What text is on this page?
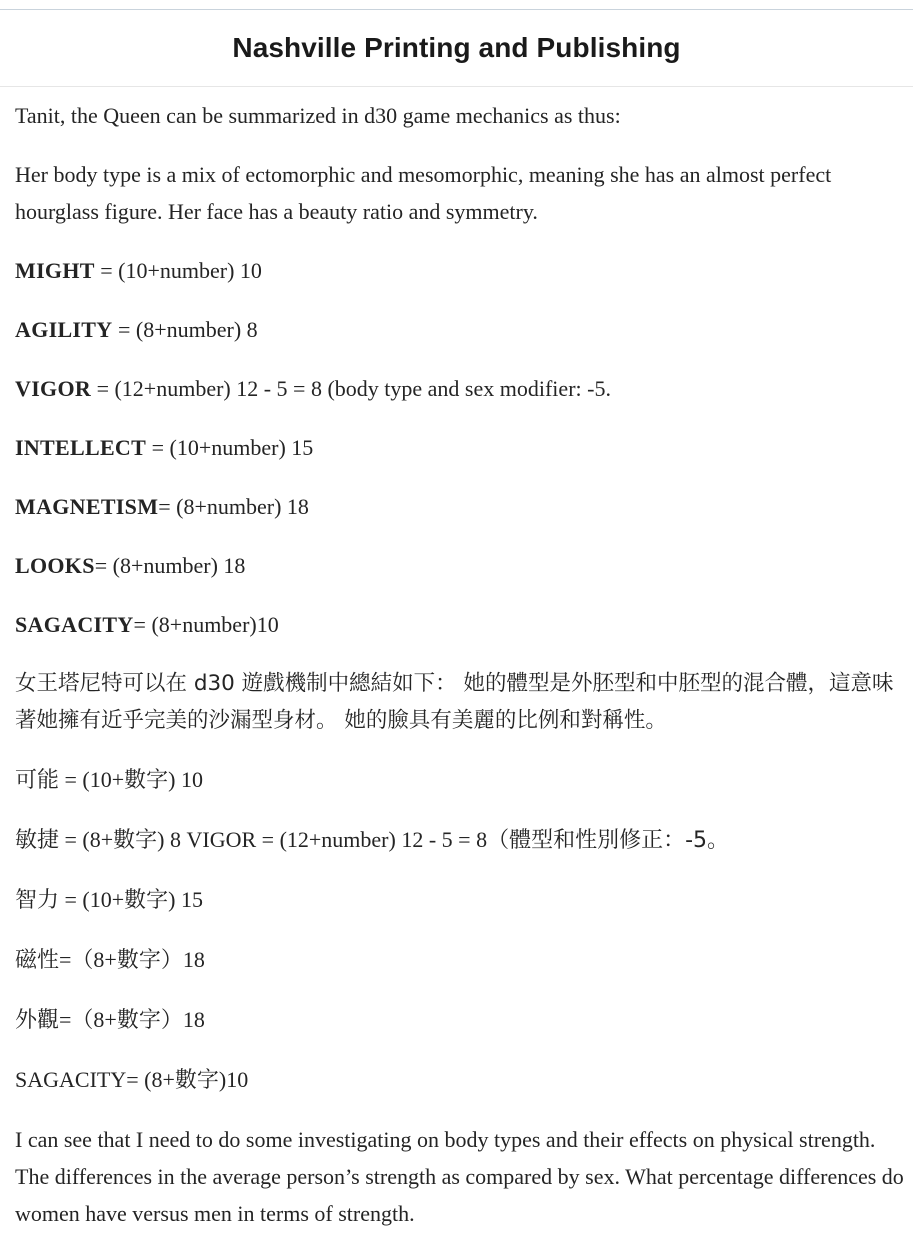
Nashville Printing and Publishing

Tanit, the Queen can be summarized in d30 game mechanics as thus:

Her body type is a mix of ectomorphic and mesomorphic, meaning she has an almost perfect hourglass figure. Her face has a beauty ratio and symmetry.

MIGHT = (10+number) 10

AGILITY = (8+number) 8

VIGOR = (12+number) 12 - 5 = 8 (body type and sex modifier: -5.

INTELLECT = (10+number) 15

MAGNETISM= (8+number) 18

LOOKS= (8+number) 18

SAGACITY= (8+number)10

女王塔尼特可以在 d30 遊戲機制中總結如下： 她的體型是外胚型和中胚型的混合體，這意味著她擁有近乎完美的沙漏型身材。 她的臉具有美麗的比例和對稱性。

可能 = (10+數字) 10

敏捷 = (8+數字) 8 VIGOR = (12+number) 12 - 5 = 8（體型和性別修正：-5。

智力 = (10+數字) 15

磁性=（8+數字）18

外觀=（8+數字）18

SAGACITY= (8+數字)10

I can see that I need to do some investigating on body types and their effects on physical strength. The differences in the average person’s strength as compared by sex. What percentage differences do women have versus men in terms of strength.
